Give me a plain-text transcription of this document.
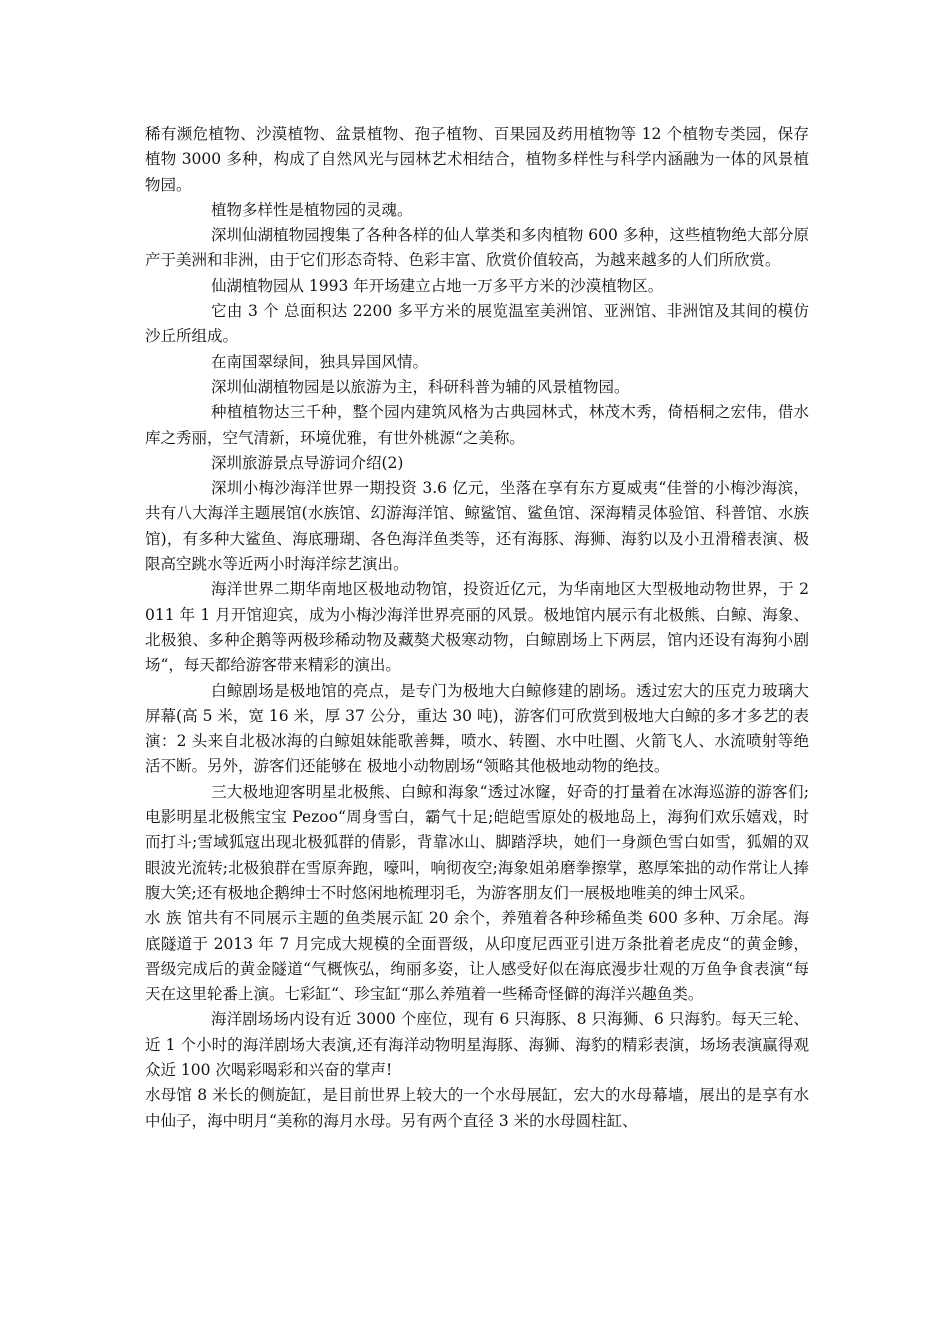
稀有濒危植物、沙漠植物、盆景植物、孢子植物、百果园及药用植物等 12 个植物专类园，保存植物 3000 多种，构成了自然风光与园林艺术相结合，植物多样性与科学内涵融为一体的风景植物园。

植物多样性是植物园的灵魂。

深圳仙湖植物园搜集了各种各样的仙人掌类和多肉植物 600 多种，这些植物绝大部分原产于美洲和非洲，由于它们形态奇特、色彩丰富、欣赏价值较高，为越来越多的人们所欣赏。

仙湖植物园从 1993 年开场建立占地一万多平方米的沙漠植物区。

它由 3 个 总面积达 2200 多平方米的展览温室美洲馆、亚洲馆、非洲馆及其间的模仿沙丘所组成。

在南国翠绿间，独具异国风情。

深圳仙湖植物园是以旅游为主，科研科普为辅的风景植物园。

种植植物达三千种，整个园内建筑风格为古典园林式，林茂木秀，倚梧桐之宏伟，借水库之秀丽，空气清新，环境优雅，有世外桃源“之美称。

深圳旅游景点导游词介绍(2)

深圳小梅沙海洋世界一期投资 3.6 亿元，坐落在享有东方夏威夷“佳誉的小梅沙海滨，共有八大海洋主题展馆(水族馆、幻游海洋馆、鲸鲨馆、鲨鱼馆、深海精灵体验馆、科普馆、水族馆)，有多种大鲨鱼、海底珊瑚、各色海洋鱼类等，还有海豚、海狮、海豹以及小丑滑稽表演、极限高空跳水等近两小时海洋综艺演出。

海洋世界二期华南地区极地动物馆，投资近亿元，为华南地区大型极地动物世界，于 2011 年 1 月开馆迎宾，成为小梅沙海洋世界亮丽的风景。极地馆内展示有北极熊、白鲸、海象、北极狼、多种企鹅等两极珍稀动物及藏獒犬极寒动物，白鲸剧场上下两层，馆内还设有海狗小剧场“，每天都给游客带来精彩的演出。

白鲸剧场是极地馆的亮点，是专门为极地大白鲸修建的剧场。透过宏大的压克力玻璃大屏幕(高 5 米，宽 16 米，厚 37 公分，重达 30 吨)，游客们可欣赏到极地大白鲸的多才多艺的表演：2 头来自北极冰海的白鲸姐妹能歌善舞，喷水、转圈、水中吐圈、火箭飞人、水流喷射等绝活不断。另外，游客们还能够在 极地小动物剧场“领略其他极地动物的绝技。

三大极地迎客明星北极熊、白鲸和海象“透过冰窿，好奇的打量着在冰海巡游的游客们;电影明星北极熊宝宝 Pezoo“周身雪白，霸气十足;皑皑雪原处的极地岛上，海狗们欢乐嬉戏，时而打斗;雪域狐寇出现北极狐群的倩影，背靠冰山、脚踏浮块，她们一身颜色雪白如雪，狐媚的双眼波光流转;北极狼群在雪原奔跑，嚎叫，响彻夜空;海象姐弟磨拳擦掌，憨厚笨拙的动作常让人捧腹大笑;还有极地企鹅绅士不时悠闲地梳理羽毛，为游客朋友们一展极地唯美的绅士风采。

水 族 馆共有不同展示主题的鱼类展示缸 20 余个，养殖着各种珍稀鱼类 600 多种、万余尾。海底隧道于 2013 年 7 月完成大规模的全面晋级，从印度尼西亚引进万条批着老虎皮“的黄金鲹，晋级完成后的黄金隧道“气概恢弘，绚丽多姿，让人感受好似在海底漫步壮观的万鱼争食表演“每天在这里轮番上演。七彩缸“、珍宝缸“那么养殖着一些稀奇怪僻的海洋兴趣鱼类。

海洋剧场场内设有近 3000 个座位，现有 6 只海豚、8 只海狮、6 只海豹。每天三轮、近 1 个小时的海洋剧场大表演,还有海洋动物明星海豚、海狮、海豹的精彩表演，场场表演赢得观众近 100 次喝彩喝彩和兴奋的掌声!

水母馆 8 米长的侧旋缸，是目前世界上较大的一个水母展缸，宏大的水母幕墙，展出的是享有水中仙子，海中明月“美称的海月水母。另有两个直径 3 米的水母圆柱缸、
